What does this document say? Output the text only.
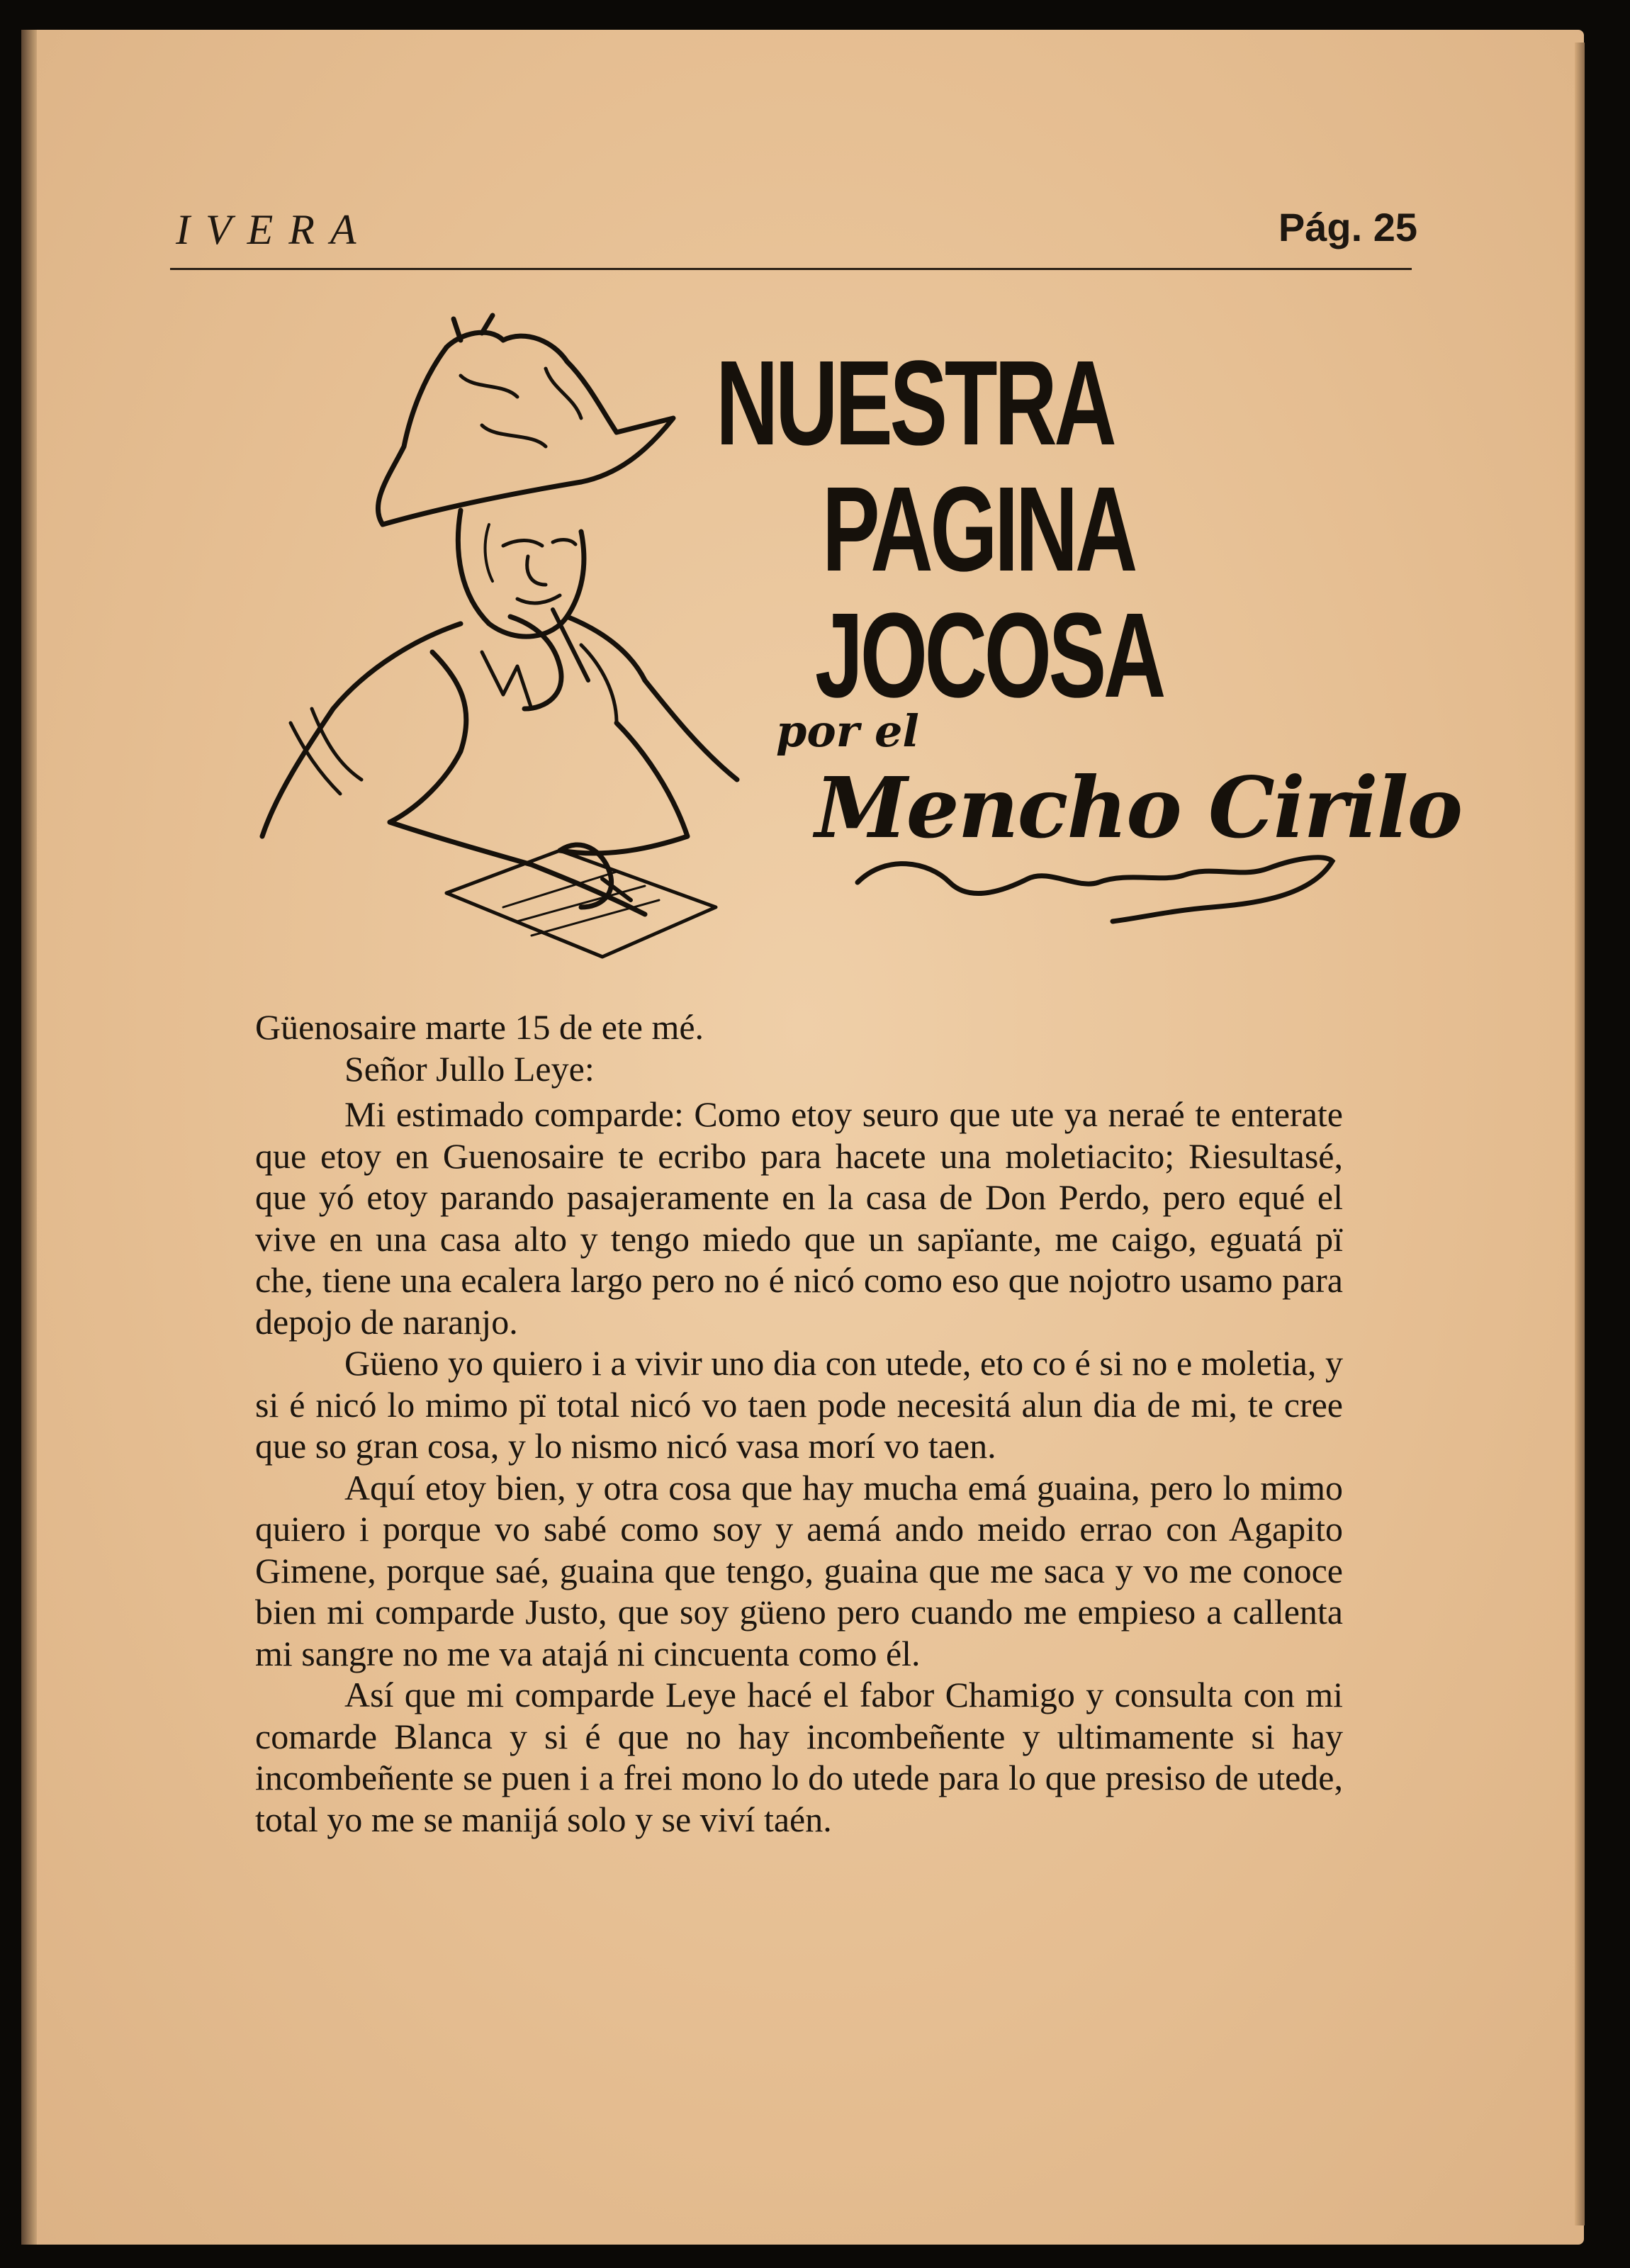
IVERA	Pág. 25
NUESTRA
PAGINA
JOCOSA
por el
Mencho Cirilo

Güenosaire marte 15 de ete mé.

Señor Jullo Leye:

Mi estimado comparde: Como etoy seuro que ute ya neraé te enterate que etoy en Guenosaire te ecribo para hacete una moletiacito; Riesultasé, que yó etoy parando pasajeramente en la casa de Don Perdo, pero equé el vive en una casa alto y tengo miedo que un sapïante, me caigo, eguatá pï che, tiene una ecalera largo pero no é nicó como eso que nojotro usamo para depojo de naranjo.

Güeno yo quiero i a vivir uno dia con utede, eto co é si no e moletia, y si é nicó lo mimo pï total nicó vo taen pode necesitá alun dia de mi, te cree que so gran cosa, y lo nismo nicó vasa morí vo taen.

Aquí etoy bien, y otra cosa que hay mucha emá guaina, pero lo mimo quiero i porque vo sabé como soy y aemá ando meido errao con Agapito Gimene, porque saé, guaina que tengo, guaina que me saca y vo me conoce bien mi comparde Justo, que soy güeno pero cuando me empieso a callenta mi sangre no me va atajá ni cincuenta como él.

Así que mi comparde Leye hacé el fabor Chamigo y consulta con mi comarde Blanca y si é que no hay incombeñente y ultimamente si hay incombeñente se puen i a frei mono lo do utede para lo que presiso de utede, total yo me se manijá solo y se viví taén.
